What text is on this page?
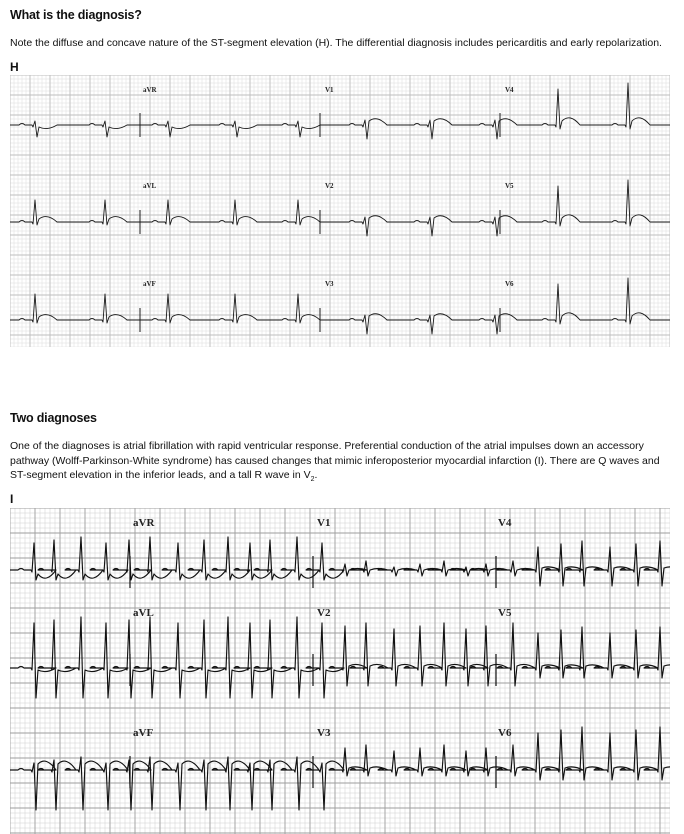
What is the diagnosis?
Note the diffuse and concave nature of the ST-segment elevation (H). The differential diagnosis includes pericarditis and early repolarization.
H
aVR	V1	V4
aVL	V2	V5
aVF	V3	V6
Two diagnoses
One of the diagnoses is atrial fibrillation with rapid ventricular response. Preferential conduction of the atrial impulses down an accessory pathway (Wolff-Parkinson-White syndrome) has caused changes that mimic inferoposterior myocardial infarction (I). There are Q waves and ST-segment elevation in the inferior leads, and a tall R wave in $V_2$.
I
aVR	V1	V4
aVL	V2	V5
aVF	V3	V6
